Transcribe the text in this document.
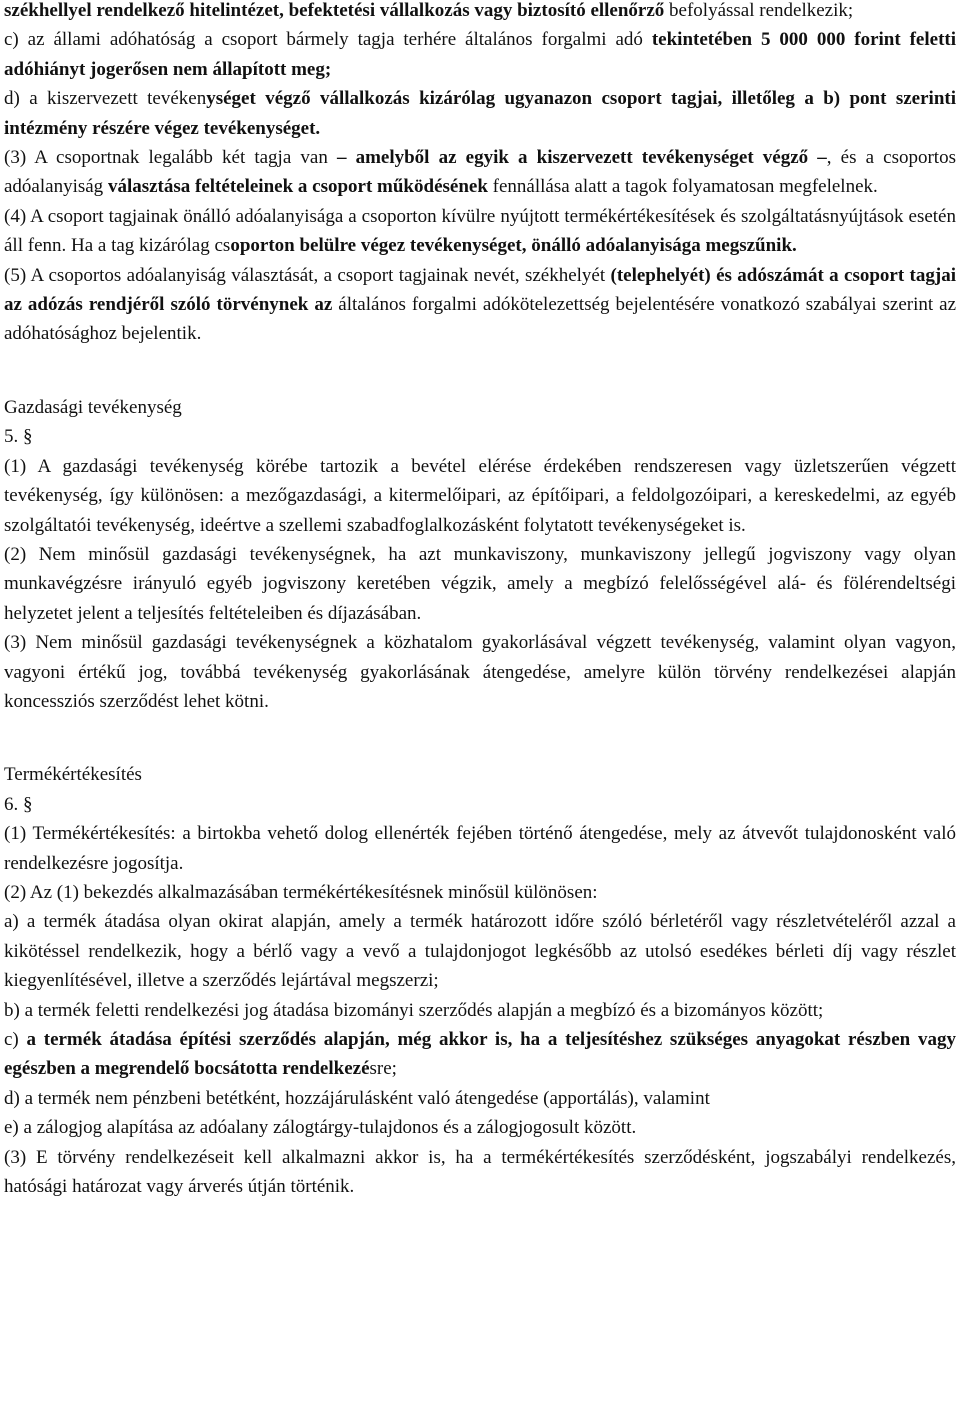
székhellyel rendelkező hitelintézet, befektetési vállalkozás vagy biztosító ellenőrző befolyással rendelkezik;

c) az állami adóhatóság a csoport bármely tagja terhére általános forgalmi adó tekintetében 5 000 000 forint feletti adóhiányt jogerősen nem állapított meg;

d) a kiszervezett tevékenységet végző vállalkozás kizárólag ugyanazon csoport tagjai, illetőleg a b) pont szerinti intézmény részére végez tevékenységet.

(3) A csoportnak legalább két tagja van – amelyből az egyik a kiszervezett tevékenységet végző –, és a csoportos adóalanyiság választása feltételeinek a csoport működésének fennállása alatt a tagok folyamatosan megfelelnek.

(4) A csoport tagjainak önálló adóalanyisága a csoporton kívülre nyújtott termékértékesítések és szolgáltatásnyújtások esetén áll fenn. Ha a tag kizárólag csoporton belülre végez tevékenységet, önálló adóalanyisága megszűnik.

(5) A csoportos adóalanyiság választását, a csoport tagjainak nevét, székhelyét (telephelyét) és adószámát a csoport tagjai az adózás rendjéről szóló törvénynek az általános forgalmi adókötelezettség bejelentésére vonatkozó szabályai szerint az adóhatósághoz bejelentik.

Gazdasági tevékenység

5. §

(1) A gazdasági tevékenység körébe tartozik a bevétel elérése érdekében rendszeresen vagy üzletszerűen végzett tevékenység, így különösen: a mezőgazdasági, a kitermelőipari, az építőipari, a feldolgozóipari, a kereskedelmi, az egyéb szolgáltatói tevékenység, ideértve a szellemi szabadfoglalkozásként folytatott tevékenységeket is.

(2) Nem minősül gazdasági tevékenységnek, ha azt munkaviszony, munkaviszony jellegű jogviszony vagy olyan munkavégzésre irányuló egyéb jogviszony keretében végzik, amely a megbízó felelősségével alá- és fölérendeltségi helyzetet jelent a teljesítés feltételeiben és díjazásában.

(3) Nem minősül gazdasági tevékenységnek a közhatalom gyakorlásával végzett tevékenység, valamint olyan vagyon, vagyoni értékű jog, továbbá tevékenység gyakorlásának átengedése, amelyre külön törvény rendelkezései alapján koncessziós szerződést lehet kötni.

Termékértékesítés

6. §

(1) Termékértékesítés: a birtokba vehető dolog ellenérték fejében történő átengedése, mely az átvevőt tulajdonosként való rendelkezésre jogosítja.

(2) Az (1) bekezdés alkalmazásában termékértékesítésnek minősül különösen:

a) a termék átadása olyan okirat alapján, amely a termék határozott időre szóló bérletéről vagy részletvételéről azzal a kikötéssel rendelkezik, hogy a bérlő vagy a vevő a tulajdonjogot legkésőbb az utolsó esedékes bérleti díj vagy részlet kiegyenlítésével, illetve a szerződés lejártával megszerzi;

b) a termék feletti rendelkezési jog átadása bizományi szerződés alapján a megbízó és a bizományos között;

c) a termék átadása építési szerződés alapján, még akkor is, ha a teljesítéshez szükséges anyagokat részben vagy egészben a megrendelő bocsátotta rendelkezésre;

d) a termék nem pénzbeni betétként, hozzájárulásként való átengedése (apportálás), valamint

e) a zálogjog alapítása az adóalany zálogtárgy-tulajdonos és a zálogjogosult között.

(3) E törvény rendelkezéseit kell alkalmazni akkor is, ha a termékértékesítés szerződésként, jogszabályi rendelkezés, hatósági határozat vagy árverés útján történik.
